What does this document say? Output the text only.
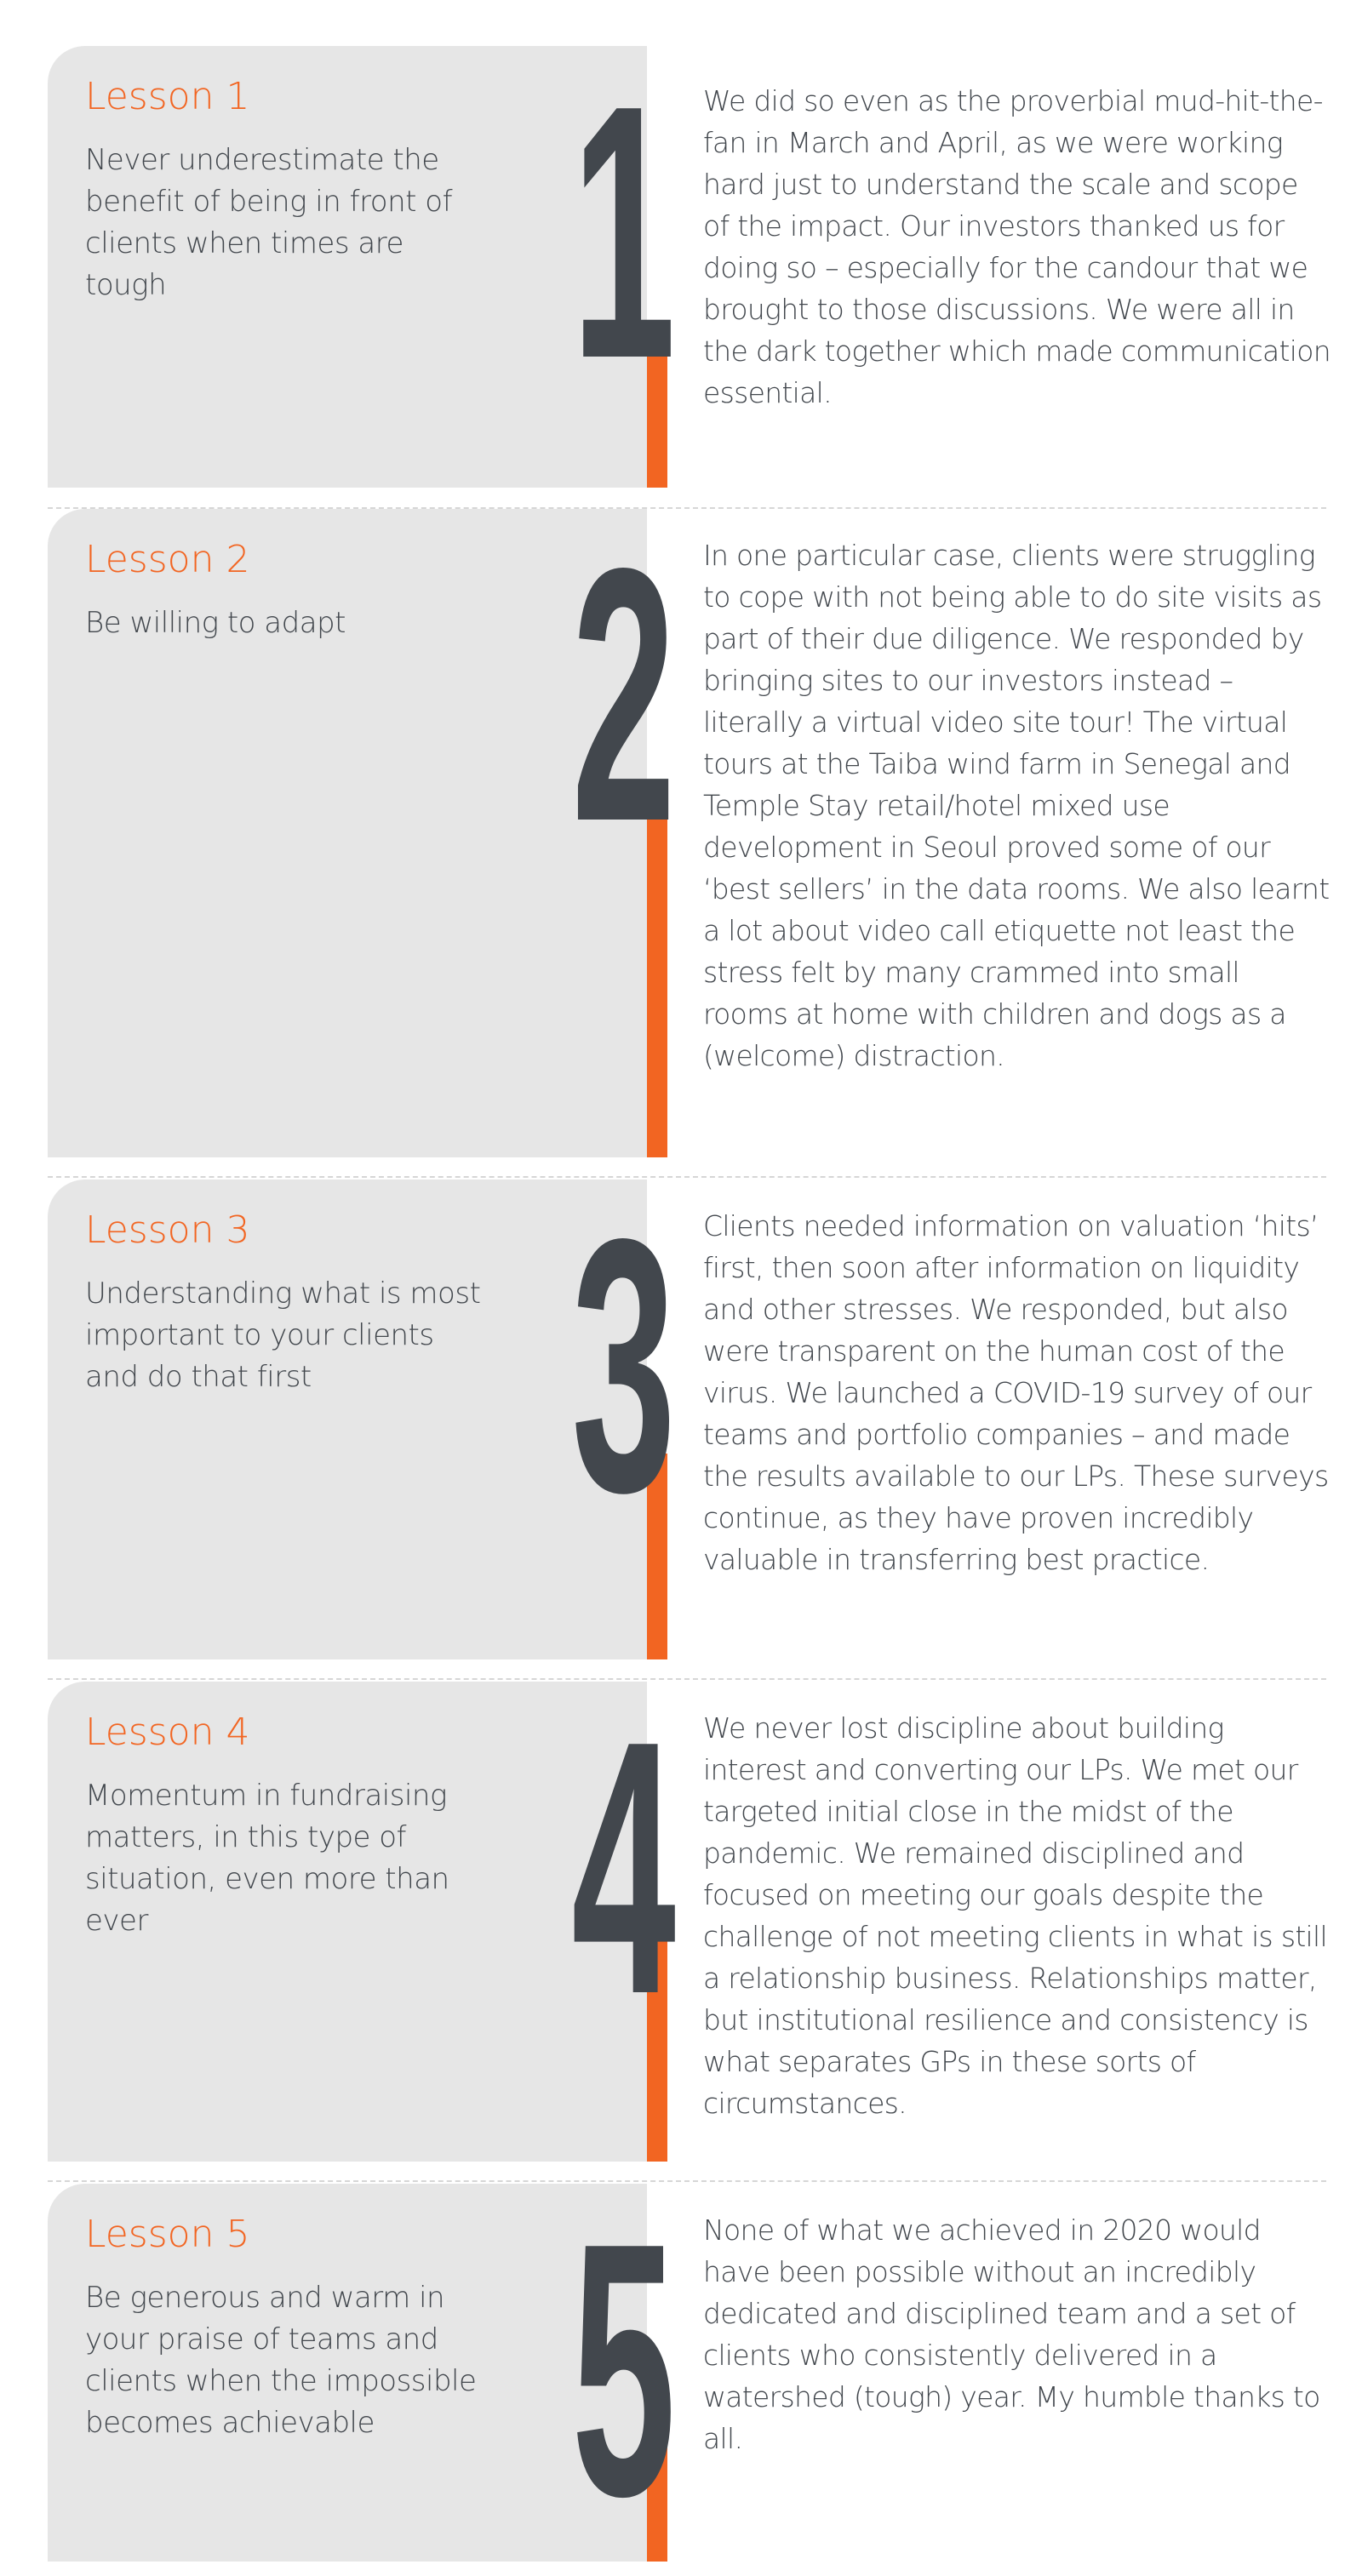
1
Lesson 1

Never underestimate the benefit of being in front of clients when times are tough

We did so even as the proverbial mud-hit-the-fan in March and April, as we were working hard just to understand the scale and scope of the impact. Our investors thanked us for doing so – especially for the candour that we brought to those discussions. We were all in the dark together which made communication essential.

2
Lesson 2

Be willing to adapt

In one particular case, clients were struggling to cope with not being able to do site visits as part of their due diligence. We responded by bringing sites to our investors instead – literally a virtual video site tour! The virtual tours at the Taiba wind farm in Senegal and Temple Stay retail/hotel mixed use development in Seoul proved some of our ‘best sellers’ in the data rooms. We also learnt a lot about video call etiquette not least the stress felt by many crammed into small rooms at home with children and dogs as a (welcome) distraction.

3
Lesson 3

Understanding what is most important to your clients and do that first

Clients needed information on valuation ‘hits’ first, then soon after information on liquidity and other stresses. We responded, but also were transparent on the human cost of the virus. We launched a COVID-19 survey of our teams and portfolio companies – and made the results available to our LPs. These surveys continue, as they have proven incredibly valuable in transferring best practice.

4
Lesson 4

Momentum in fundraising matters, in this type of situation, even more than ever

We never lost discipline about building interest and converting our LPs. We met our targeted initial close in the midst of the pandemic. We remained disciplined and focused on meeting our goals despite the challenge of not meeting clients in what is still a relationship business. Relationships matter, but institutional resilience and consistency is what separates GPs in these sorts of circumstances.

5
Lesson 5

Be generous and warm in your praise of teams and clients when the impossible becomes achievable

None of what we achieved in 2020 would have been possible without an incredibly dedicated and disciplined team and a set of clients who consistently delivered in a watershed (tough) year. My humble thanks to all.
